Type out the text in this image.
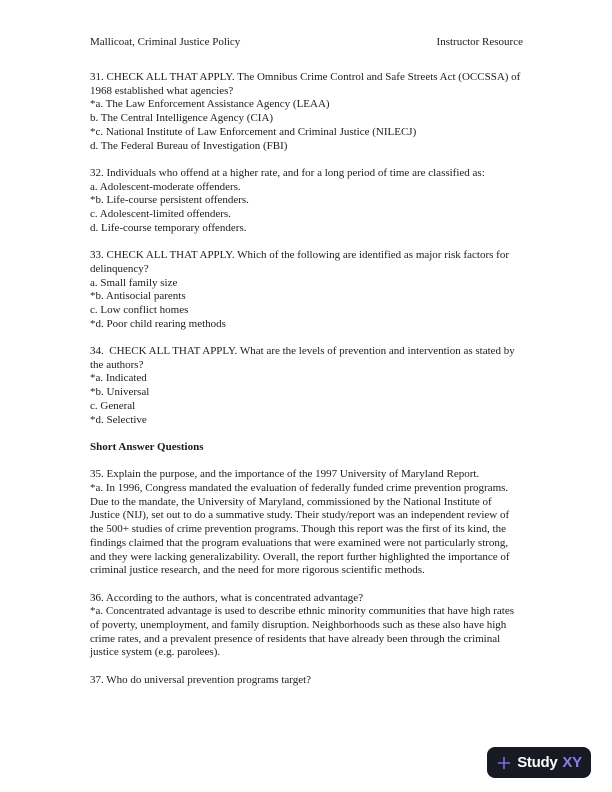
Mallicoat, Criminal Justice Policy	Instructor Resource
31. CHECK ALL THAT APPLY. The Omnibus Crime Control and Safe Streets Act (OCCSSA) of 1968 established what agencies?
*a. The Law Enforcement Assistance Agency (LEAA)
b. The Central Intelligence Agency (CIA)
*c. National Institute of Law Enforcement and Criminal Justice (NILECJ)
d. The Federal Bureau of Investigation (FBI)
32. Individuals who offend at a higher rate, and for a long period of time are classified as:
a. Adolescent-moderate offenders.
*b. Life-course persistent offenders.
c. Adolescent-limited offenders.
d. Life-course temporary offenders.
33. CHECK ALL THAT APPLY. Which of the following are identified as major risk factors for delinquency?
a. Small family size
*b. Antisocial parents
c. Low conflict homes
*d. Poor child rearing methods
34.  CHECK ALL THAT APPLY. What are the levels of prevention and intervention as stated by the authors?
*a. Indicated
*b. Universal
c. General
*d. Selective
Short Answer Questions
35. Explain the purpose, and the importance of the 1997 University of Maryland Report.
*a. In 1996, Congress mandated the evaluation of federally funded crime prevention programs. Due to the mandate, the University of Maryland, commissioned by the National Institute of Justice (NIJ), set out to do a summative study. Their study/report was an independent review of the 500+ studies of crime prevention programs. Though this report was the first of its kind, the findings claimed that the program evaluations that were examined were not particularly strong, and they were lacking generalizability. Overall, the report further highlighted the importance of criminal justice research, and the need for more rigorous scientific methods.
36. According to the authors, what is concentrated advantage?
*a. Concentrated advantage is used to describe ethnic minority communities that have high rates of poverty, unemployment, and family disruption. Neighborhoods such as these also have high crime rates, and a prevalent presence of residents that have already been through the criminal justice system (e.g. parolees).
37. Who do universal prevention programs target?
Study XY
